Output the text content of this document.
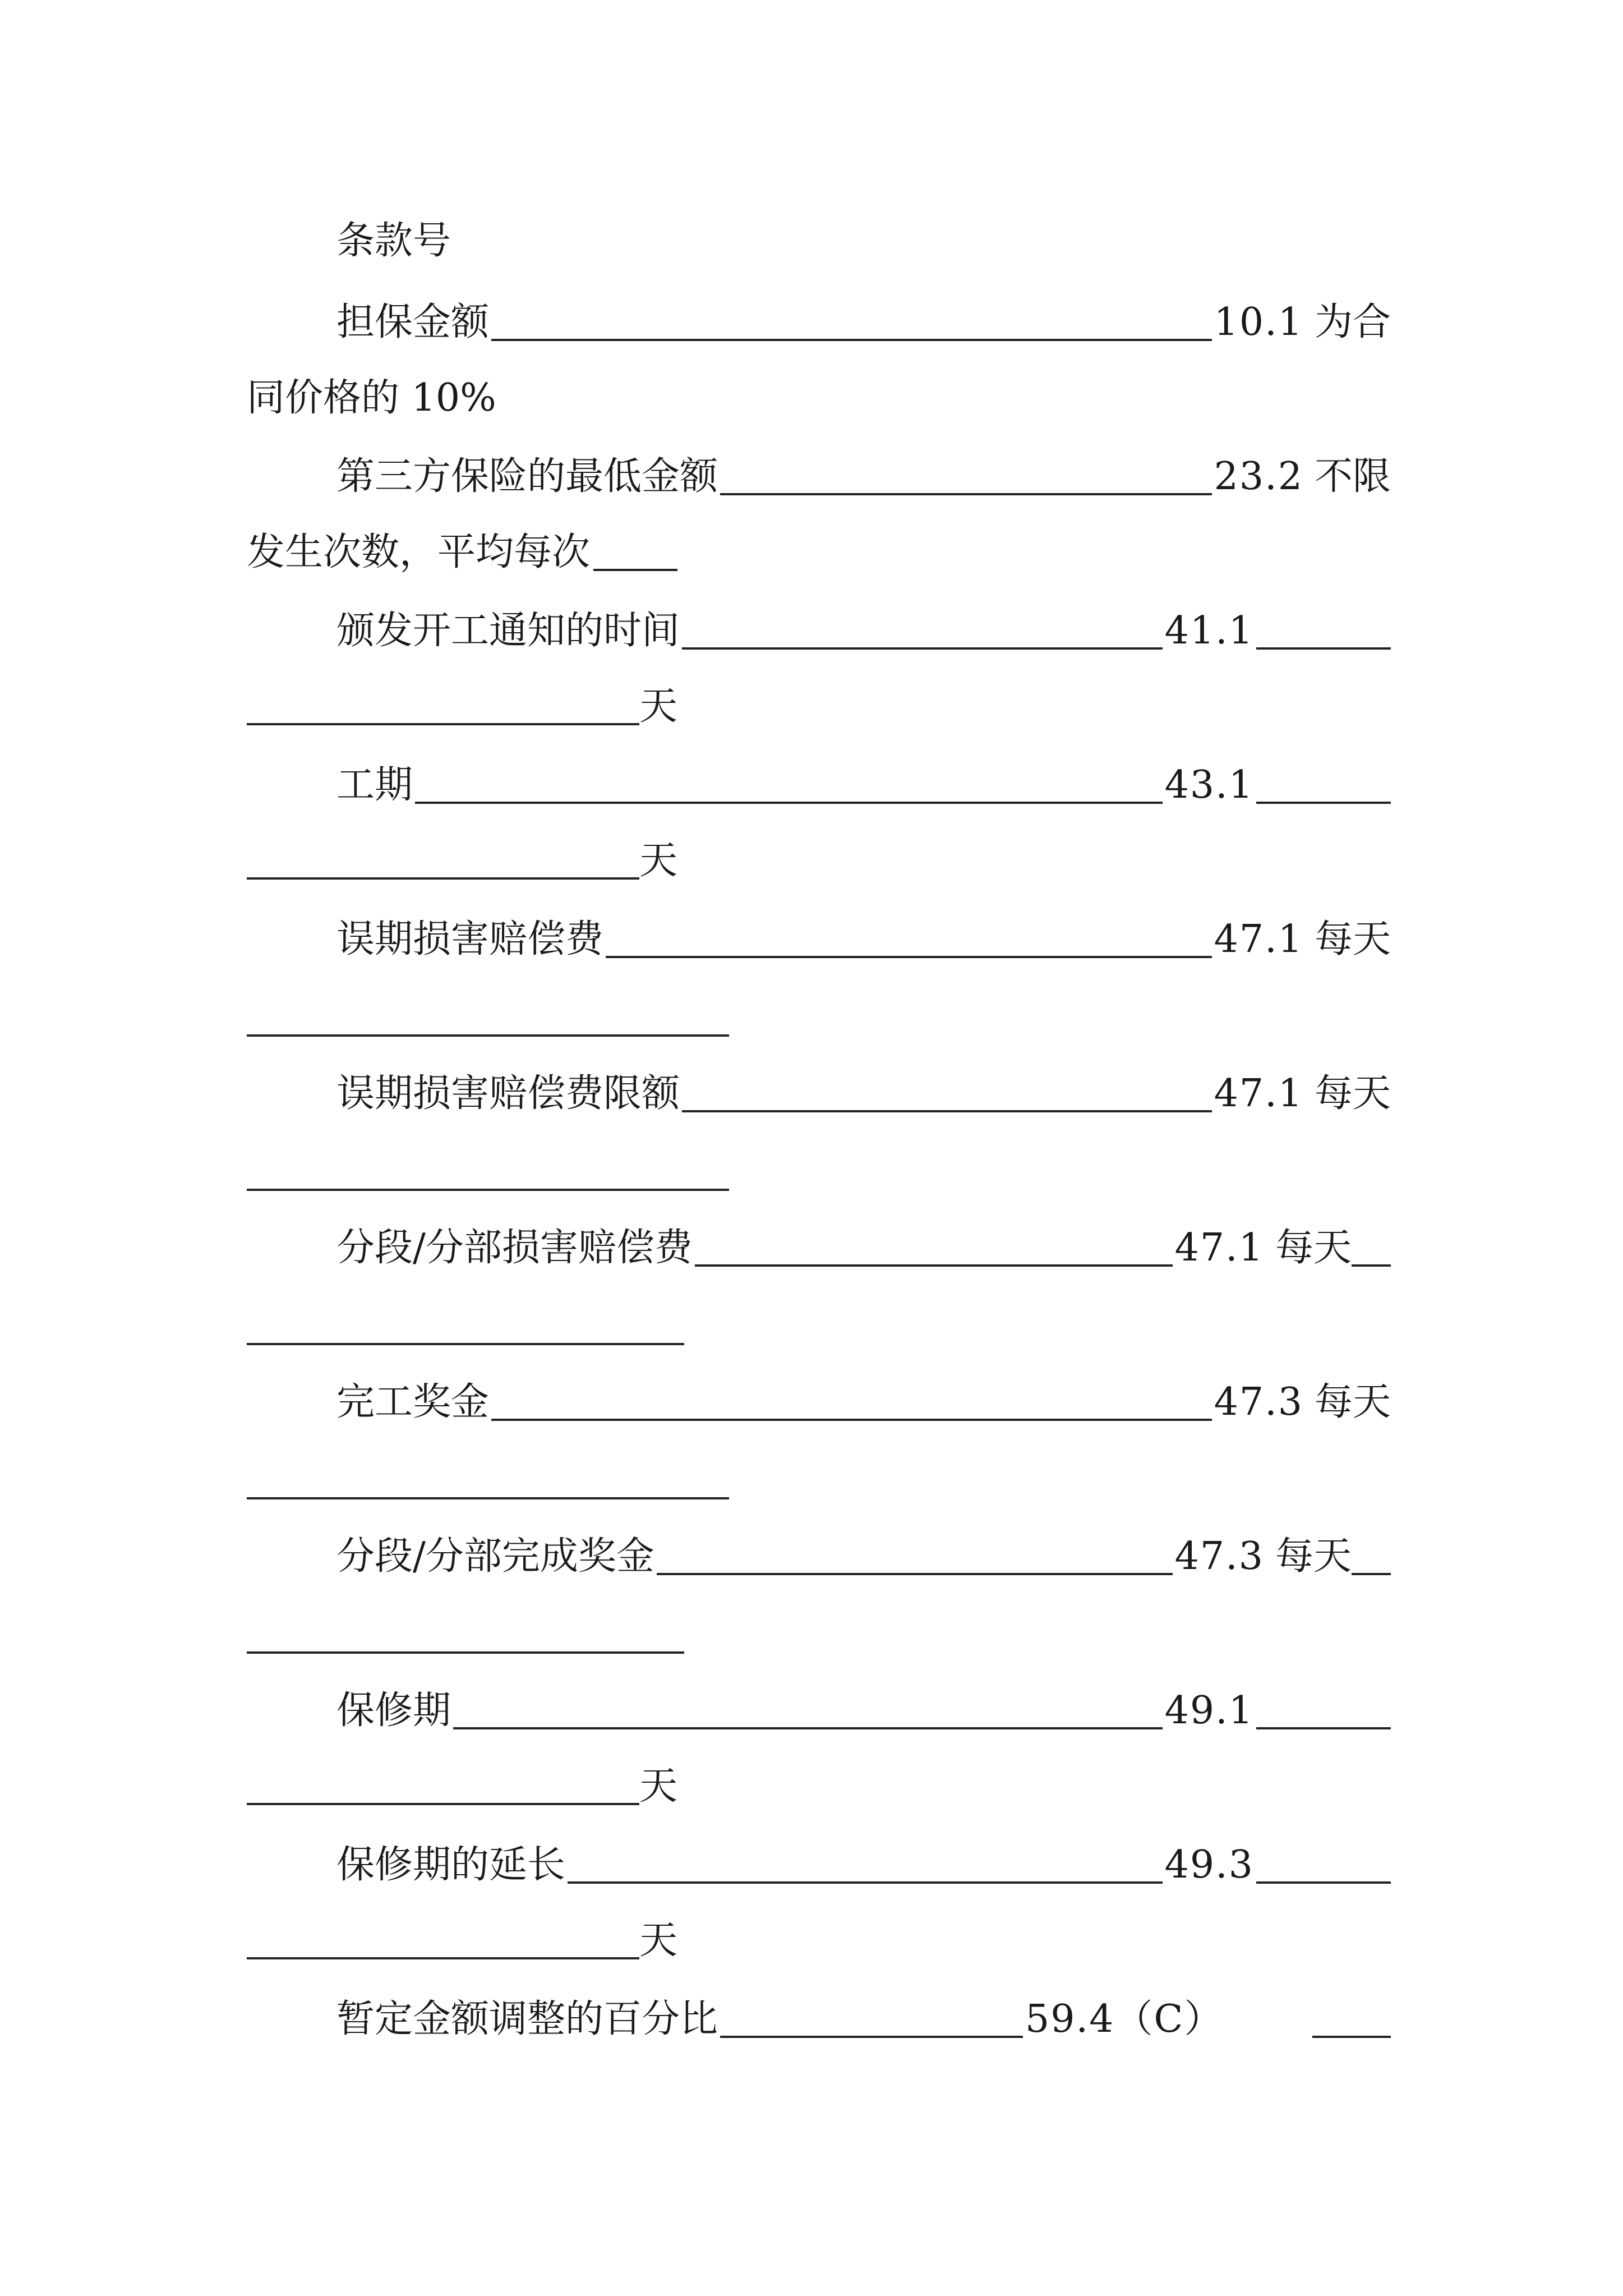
条款号
担保金额	10.1 为合
同价格的 10%
第三方保险的最低金额	23.2 不限
发生次数，平均每次
颁发开工通知的时间	41.1
天
工期	43.1
天
误期损害赔偿费	47.1 每天
误期损害赔偿费限额	47.1 每天
分段/分部损害赔偿费	47.1 每天
完工奖金	47.3 每天
分段/分部完成奖金	47.3 每天
保修期	49.1
天
保修期的延长	49.3
天
暂定金额调整的百分比	59.4（C）
